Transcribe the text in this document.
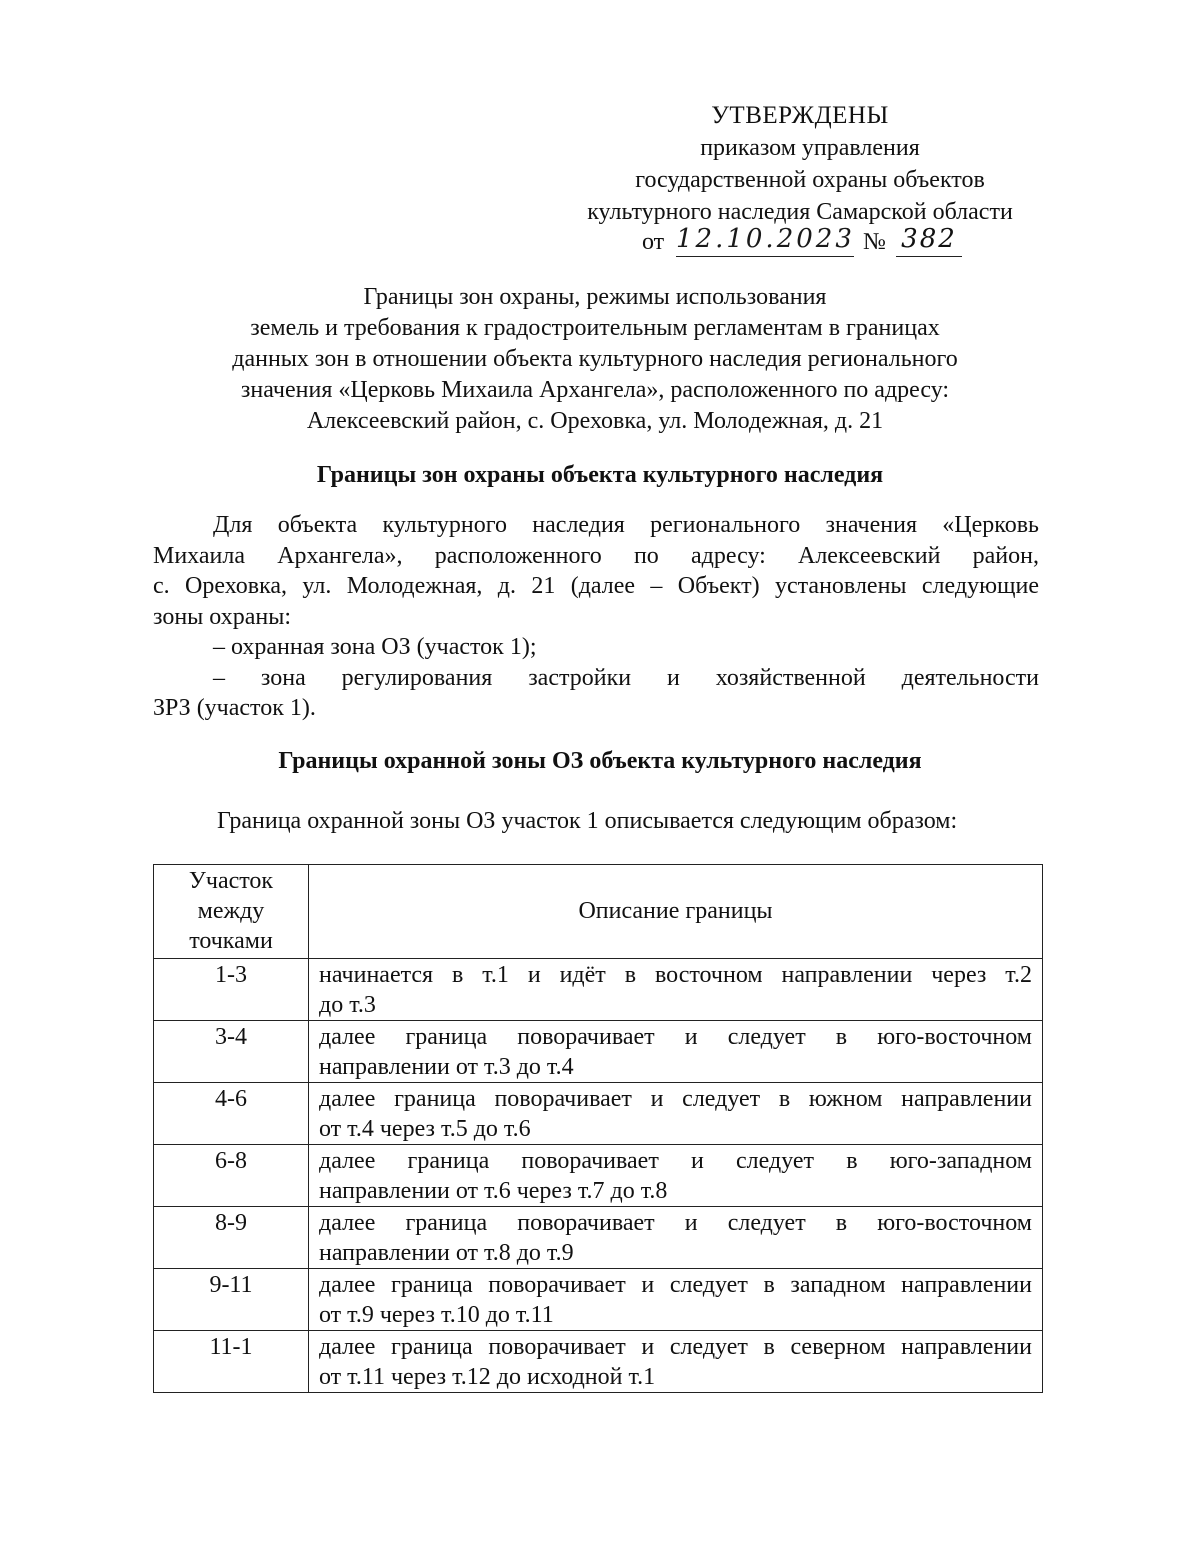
УТВЕРЖДЕНЫ
приказом управления
государственной охраны объектов
культурного наследия Самарской области
от 12.10.2023 № 382
Границы зон охраны, режимы использования
земель и требования к градостроительным регламентам в границах
данных зон в отношении объекта культурного наследия регионального
значения «Церковь Михаила Архангела», расположенного по адресу:
Алексеевский район, с. Ореховка, ул. Молодежная, д. 21
Границы зон охраны объекта культурного наследия
Для объекта культурного наследия регионального значения «Церковь
Михаила Архангела», расположенного по адресу: Алексеевский район,
с. Ореховка, ул. Молодежная, д. 21 (далее – Объект) установлены следующие
зоны охраны:
– охранная зона ОЗ (участок 1);
– зона регулирования застройки и хозяйственной деятельности
ЗРЗ (участок 1).
Границы охранной зоны ОЗ объекта культурного наследия
Граница охранной зоны ОЗ участок 1 описывается следующим образом:
Участок
между
точками	Описание границы
1-3	начинается в т.1 и идёт в восточном направлении через т.2
до т.3

3-4	далее граница поворачивает и следует в юго-восточном
направлении от т.3 до т.4

4-6	далее граница поворачивает и следует в южном направлении
от т.4 через т.5 до т.6

6-8	далее граница поворачивает и следует в юго-западном
направлении от т.6 через т.7 до т.8

8-9	далее граница поворачивает и следует в юго-восточном
направлении от т.8 до т.9

9-11	далее граница поворачивает и следует в западном направлении
от т.9 через т.10 до т.11

11-1	далее граница поворачивает и следует в северном направлении
от т.11 через т.12 до исходной т.1
